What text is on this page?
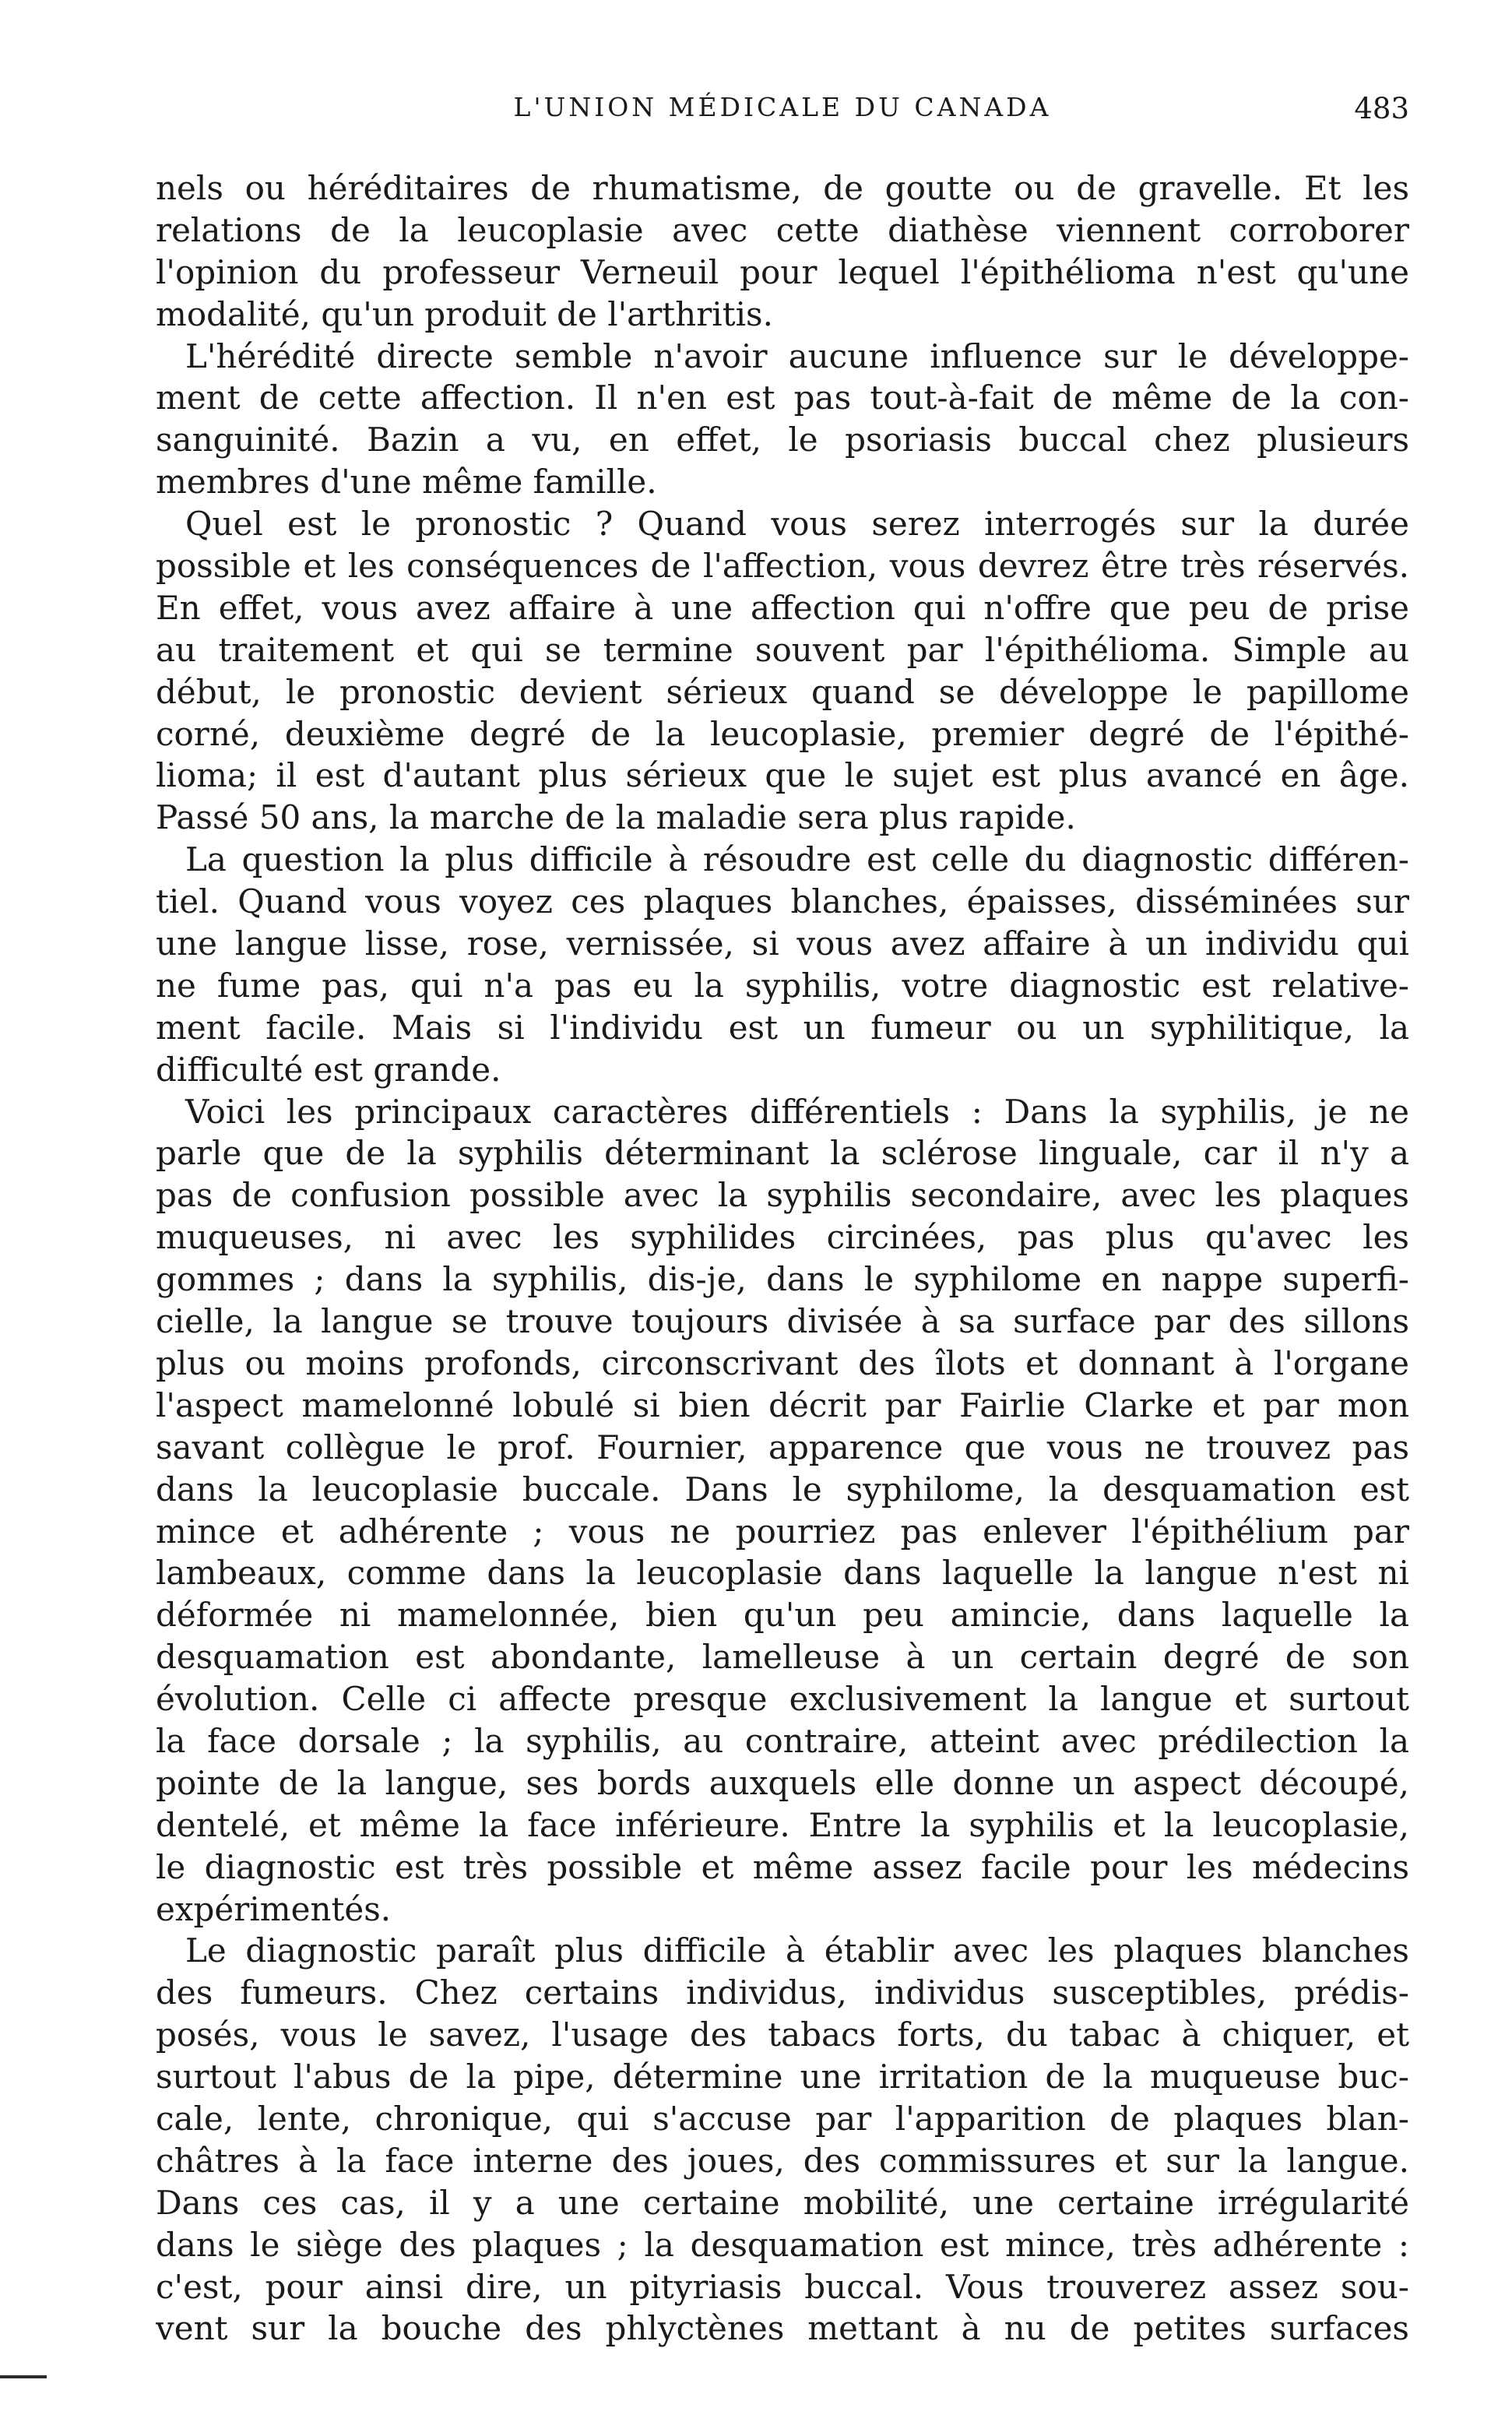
L'UNION MÉDICALE DU CANADA	483
nels ou héréditaires de rhumatisme, de goutte ou de gravelle. Et les
relations de la leucoplasie avec cette diathèse viennent corroborer
l'opinion du professeur Verneuil pour lequel l'épithélioma n'est qu'une
modalité, qu'un produit de l'arthritis.
L'hérédité directe semble n'avoir aucune influence sur le développe-
ment de cette affection. Il n'en est pas tout-à-fait de même de la con-
sanguinité. Bazin a vu, en effet, le psoriasis buccal chez plusieurs
membres d'une même famille.
Quel est le pronostic ? Quand vous serez interrogés sur la durée
possible et les conséquences de l'affection, vous devrez être très réservés.
En effet, vous avez affaire à une affection qui n'offre que peu de prise
au traitement et qui se termine souvent par l'épithélioma. Simple au
début, le pronostic devient sérieux quand se développe le papillome
corné, deuxième degré de la leucoplasie, premier degré de l'épithé-
lioma; il est d'autant plus sérieux que le sujet est plus avancé en âge.
Passé 50 ans, la marche de la maladie sera plus rapide.
La question la plus difficile à résoudre est celle du diagnostic différen-
tiel. Quand vous voyez ces plaques blanches, épaisses, disséminées sur
une langue lisse, rose, vernissée, si vous avez affaire à un individu qui
ne fume pas, qui n'a pas eu la syphilis, votre diagnostic est relative-
ment facile. Mais si l'individu est un fumeur ou un syphilitique, la
difficulté est grande.
Voici les principaux caractères différentiels : Dans la syphilis, je ne
parle que de la syphilis déterminant la sclérose linguale, car il n'y a
pas de confusion possible avec la syphilis secondaire, avec les plaques
muqueuses, ni avec les syphilides circinées, pas plus qu'avec les
gommes ; dans la syphilis, dis-je, dans le syphilome en nappe superfi-
cielle, la langue se trouve toujours divisée à sa surface par des sillons
plus ou moins profonds, circonscrivant des îlots et donnant à l'organe
l'aspect mamelonné lobulé si bien décrit par Fairlie Clarke et par mon
savant collègue le prof. Fournier, apparence que vous ne trouvez pas
dans la leucoplasie buccale. Dans le syphilome, la desquamation est
mince et adhérente ; vous ne pourriez pas enlever l'épithélium par
lambeaux, comme dans la leucoplasie dans laquelle la langue n'est ni
déformée ni mamelonnée, bien qu'un peu amincie, dans laquelle la
desquamation est abondante, lamelleuse à un certain degré de son
évolution. Celle ci affecte presque exclusivement la langue et surtout
la face dorsale ; la syphilis, au contraire, atteint avec prédilection la
pointe de la langue, ses bords auxquels elle donne un aspect découpé,
dentelé, et même la face inférieure. Entre la syphilis et la leucoplasie,
le diagnostic est très possible et même assez facile pour les médecins
expérimentés.
Le diagnostic paraît plus difficile à établir avec les plaques blanches
des fumeurs. Chez certains individus, individus susceptibles, prédis-
posés, vous le savez, l'usage des tabacs forts, du tabac à chiquer, et
surtout l'abus de la pipe, détermine une irritation de la muqueuse buc-
cale, lente, chronique, qui s'accuse par l'apparition de plaques blan-
châtres à la face interne des joues, des commissures et sur la langue.
Dans ces cas, il y a une certaine mobilité, une certaine irrégularité
dans le siège des plaques ; la desquamation est mince, très adhérente :
c'est, pour ainsi dire, un pityriasis buccal. Vous trouverez assez sou-
vent sur la bouche des phlyctènes mettant à nu de petites surfaces
